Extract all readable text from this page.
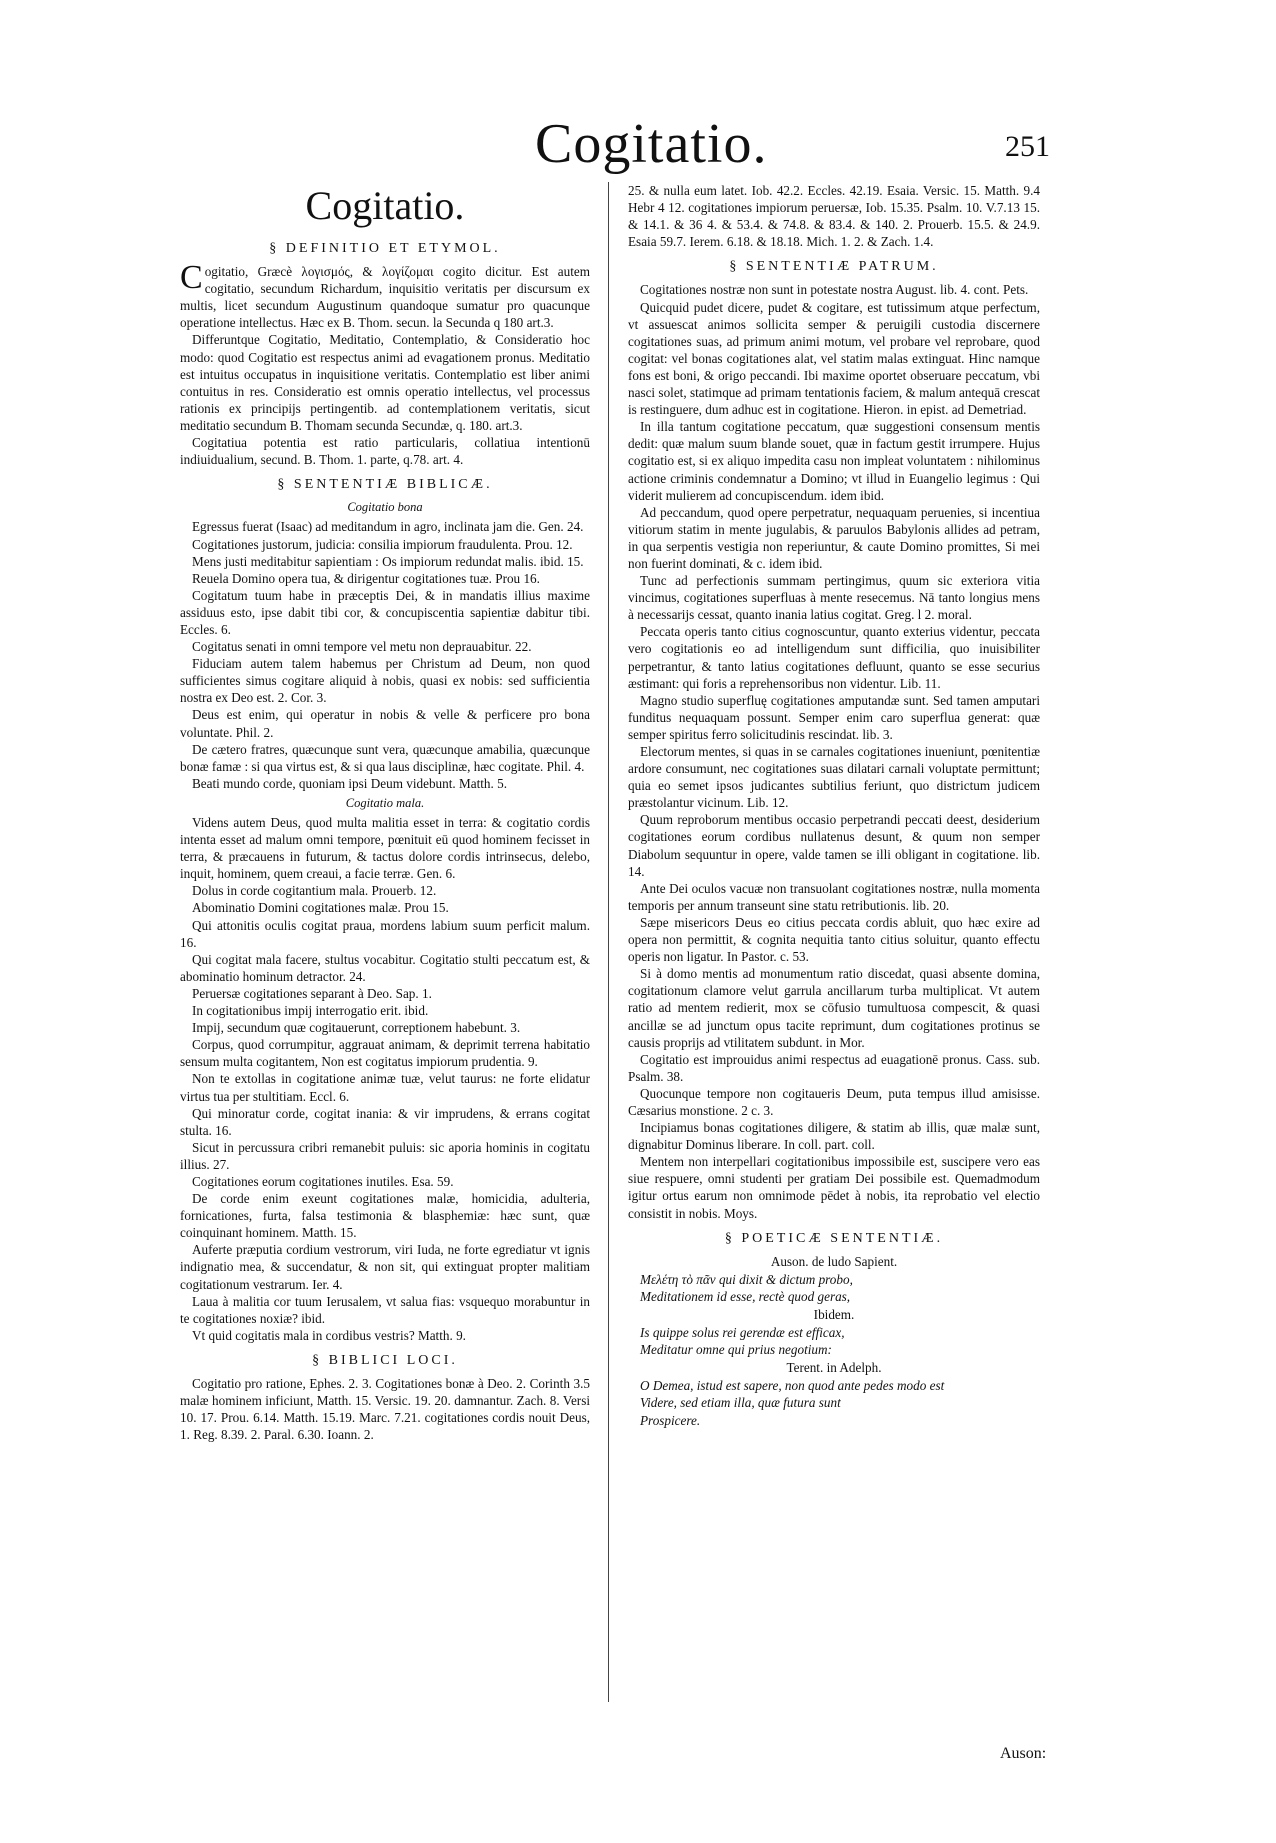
Cogitatio.	251
Cogitatio.
§ DEFINITIO ET ETYMOL.

Cogitatio, Græcè λογισμός, & λογίζομαι cogito dicitur. Est autem cogitatio, secundum Richardum, inquisitio veritatis per discursum ex multis, licet secundum Augustinum quandoque sumatur pro quacunque operatione intellectus. Hæc ex B. Thom. secun. la Secunda q 180 art.3.

Differuntque Cogitatio, Meditatio, Contemplatio, & Consideratio hoc modo: quod Cogitatio est respectus animi ad evagationem pronus. Meditatio est intuitus occupatus in inquisitione veritatis. Contemplatio est liber animi contuitus in res. Consideratio est omnis operatio intellectus, vel processus rationis ex principijs pertingentib. ad contemplationem veritatis, sicut meditatio secundum B. Thomam secunda Secundæ, q. 180. art.3.

Cogitatiua potentia est ratio particularis, collatiua intentionū indiuidualium, secund. B. Thom. 1. parte, q.78. art. 4.

§ SENTENTIÆ BIBLICÆ.
Cogitatio bona

Egressus fuerat (Isaac) ad meditandum in agro, inclinata jam die. Gen. 24.

Cogitationes justorum, judicia: consilia impiorum fraudulenta. Prou. 12.

Mens justi meditabitur sapientiam : Os impiorum redundat malis. ibid. 15.

Reuela Domino opera tua, & dirigentur cogitationes tuæ. Prou 16.

Cogitatum tuum habe in præceptis Dei, & in mandatis illius maxime assiduus esto, ipse dabit tibi cor, & concupiscentia sapientiæ dabitur tibi. Eccles. 6.

Cogitatus senati in omni tempore vel metu non deprauabitur. 22.

Fiduciam autem talem habemus per Christum ad Deum, non quod sufficientes simus cogitare aliquid à nobis, quasi ex nobis: sed sufficientia nostra ex Deo est. 2. Cor. 3.

Deus est enim, qui operatur in nobis & velle & perficere pro bona voluntate. Phil. 2.

De cætero fratres, quæcunque sunt vera, quæcunque amabilia, quæcunque bonæ famæ : si qua virtus est, & si qua laus disciplinæ, hæc cogitate. Phil. 4.

Beati mundo corde, quoniam ipsi Deum videbunt. Matth. 5.

Cogitatio mala.

Videns autem Deus, quod multa malitia esset in terra: & cogitatio cordis intenta esset ad malum omni tempore, pœnituit eū quod hominem fecisset in terra, & præcauens in futurum, & tactus dolore cordis intrinsecus, delebo, inquit, hominem, quem creaui, a facie terræ. Gen. 6.

Dolus in corde cogitantium mala. Prouerb. 12.

Abominatio Domini cogitationes malæ. Prou 15.

Qui attonitis oculis cogitat praua, mordens labium suum perficit malum. 16.

Qui cogitat mala facere, stultus vocabitur. Cogitatio stulti peccatum est, & abominatio hominum detractor. 24.

Peruersæ cogitationes separant à Deo. Sap. 1.

In cogitationibus impij interrogatio erit. ibid.

Impij, secundum quæ cogitauerunt, correptionem habebunt. 3.

Corpus, quod corrumpitur, aggrauat animam, & deprimit terrena habitatio sensum multa cogitantem, Non est cogitatus impiorum prudentia. 9.

Non te extollas in cogitatione animæ tuæ, velut taurus: ne forte elidatur virtus tua per stultitiam. Eccl. 6.

Qui minoratur corde, cogitat inania: & vir imprudens, & errans cogitat stulta. 16.

Sicut in percussura cribri remanebit puluis: sic aporia hominis in cogitatu illius. 27.

Cogitationes eorum cogitationes inutiles. Esa. 59.

De corde enim exeunt cogitationes malæ, homicidia, adulteria, fornicationes, furta, falsa testimonia & blasphemiæ: hæc sunt, quæ coinquinant hominem. Matth. 15.

Auferte præputia cordium vestrorum, viri Iuda, ne forte egrediatur vt ignis indignatio mea, & succendatur, & non sit, qui extinguat propter malitiam cogitationum vestrarum. Ier. 4.

Laua à malitia cor tuum Ierusalem, vt salua fias: vsquequo morabuntur in te cogitationes noxiæ? ibid.

Vt quid cogitatis mala in cordibus vestris? Matth. 9.

§ BIBLICI LOCI.

Cogitatio pro ratione, Ephes. 2. 3. Cogitationes bonæ à Deo. 2. Corinth 3.5 malæ hominem inficiunt, Matth. 15. Versic. 19. 20. damnantur. Zach. 8. Versi 10. 17. Prou. 6.14. Matth. 15.19. Marc. 7.21. cogitationes cordis nouit Deus, 1. Reg. 8.39. 2. Paral. 6.30. Ioann. 2.

25. & nulla eum latet. Iob. 42.2. Eccles. 42.19. Esaia. Versic. 15. Matth. 9.4 Hebr 4 12. cogitationes impiorum peruersæ, Iob. 15.35. Psalm. 10. V.7.13 15. & 14.1. & 36 4. & 53.4. & 74.8. & 83.4. & 140. 2. Prouerb. 15.5. & 24.9. Esaia 59.7. Ierem. 6.18. & 18.18. Mich. 1. 2. & Zach. 1.4.

§ SENTENTIÆ PATRUM.

Cogitationes nostræ non sunt in potestate nostra August. lib. 4. cont. Pets.

Quicquid pudet dicere, pudet & cogitare, est tutissimum atque perfectum, vt assuescat animos sollicita semper & peruigili custodia discernere cogitationes suas, ad primum animi motum, vel probare vel reprobare, quod cogitat: vel bonas cogitationes alat, vel statim malas extinguat. Hinc namque fons est boni, & origo peccandi. Ibi maxime oportet obseruare peccatum, vbi nasci solet, statimque ad primam tentationis faciem, & malum antequā crescat is restinguere, dum adhuc est in cogitatione. Hieron. in epist. ad Demetriad.

In illa tantum cogitatione peccatum, quæ suggestioni consensum mentis dedit: quæ malum suum blande souet, quæ in factum gestit irrumpere. Hujus cogitatio est, si ex aliquo impedita casu non impleat voluntatem : nihilominus actione criminis condemnatur a Domino; vt illud in Euangelio legimus : Qui viderit mulierem ad concupiscendum. idem ibid.

Ad peccandum, quod opere perpetratur, nequaquam peruenies, si incentiua vitiorum statim in mente jugulabis, & paruulos Babylonis allides ad petram, in qua serpentis vestigia non reperiuntur, & caute Domino promittes, Si mei non fuerint dominati, & c. idem ibid.

Tunc ad perfectionis summam pertingimus, quum sic exteriora vitia vincimus, cogitationes superfluas à mente resecemus. Nā tanto longius mens à necessarijs cessat, quanto inania latius cogitat. Greg. l 2. moral.

Peccata operis tanto citius cognoscuntur, quanto exterius videntur, peccata vero cogitationis eo ad intelligendum sunt difficilia, quo inuisibiliter perpetrantur, & tanto latius cogitationes defluunt, quanto se esse securius æstimant: qui foris a reprehensoribus non videntur. Lib. 11.

Magno studio superfluę cogitationes amputandæ sunt. Sed tamen amputari funditus nequaquam possunt. Semper enim caro superflua generat: quæ semper spiritus ferro solicitudinis rescindat. lib. 3.

Electorum mentes, si quas in se carnales cogitationes inueniunt, pœnitentiæ ardore consumunt, nec cogitationes suas dilatari carnali voluptate permittunt; quia eo semet ipsos judicantes subtilius feriunt, quo districtum judicem præstolantur vicinum. Lib. 12.

Quum reproborum mentibus occasio perpetrandi peccati deest, desiderium cogitationes eorum cordibus nullatenus desunt, & quum non semper Diabolum sequuntur in opere, valde tamen se illi obligant in cogitatione. lib. 14.

Ante Dei oculos vacuæ non transuolant cogitationes nostræ, nulla momenta temporis per annum transeunt sine statu retributionis. lib. 20.

Sæpe misericors Deus eo citius peccata cordis abluit, quo hæc exire ad opera non permittit, & cognita nequitia tanto citius soluitur, quanto effectu operis non ligatur. In Pastor. c. 53.

Si à domo mentis ad monumentum ratio discedat, quasi absente domina, cogitationum clamore velut garrula ancillarum turba multiplicat. Vt autem ratio ad mentem redierit, mox se cōfusio tumultuosa compescit, & quasi ancillæ se ad junctum opus tacite reprimunt, dum cogitationes protinus se causis proprijs ad vtilitatem subdunt. in Mor.

Cogitatio est improuidus animi respectus ad euagationē pronus. Cass. sub. Psalm. 38.

Quocunque tempore non cogitaueris Deum, puta tempus illud amisisse. Cæsarius monstione. 2 c. 3.

Incipiamus bonas cogitationes diligere, & statim ab illis, quæ malæ sunt, dignabitur Dominus liberare. In coll. part. coll.

Mentem non interpellari cogitationibus impossibile est, suscipere vero eas siue respuere, omni studenti per gratiam Dei possibile est. Quemadmodum igitur ortus earum non omnimode pēdet à nobis, ita reprobatio vel electio consistit in nobis. Moys.

§ POETICÆ SENTENTIÆ.
Auson. de ludo Sapient.

Μελέτη τὸ πᾶν qui dixit & dictum probo,

Meditationem id esse, rectè quod geras,

Ibidem.

Is quippe solus rei gerendæ est efficax,

Meditatur omne qui prius negotium:

Terent. in Adelph.

O Demea, istud est sapere, non quod ante pedes modo est

Videre, sed etiam illa, quæ futura sunt

Prospicere.

Auson:
